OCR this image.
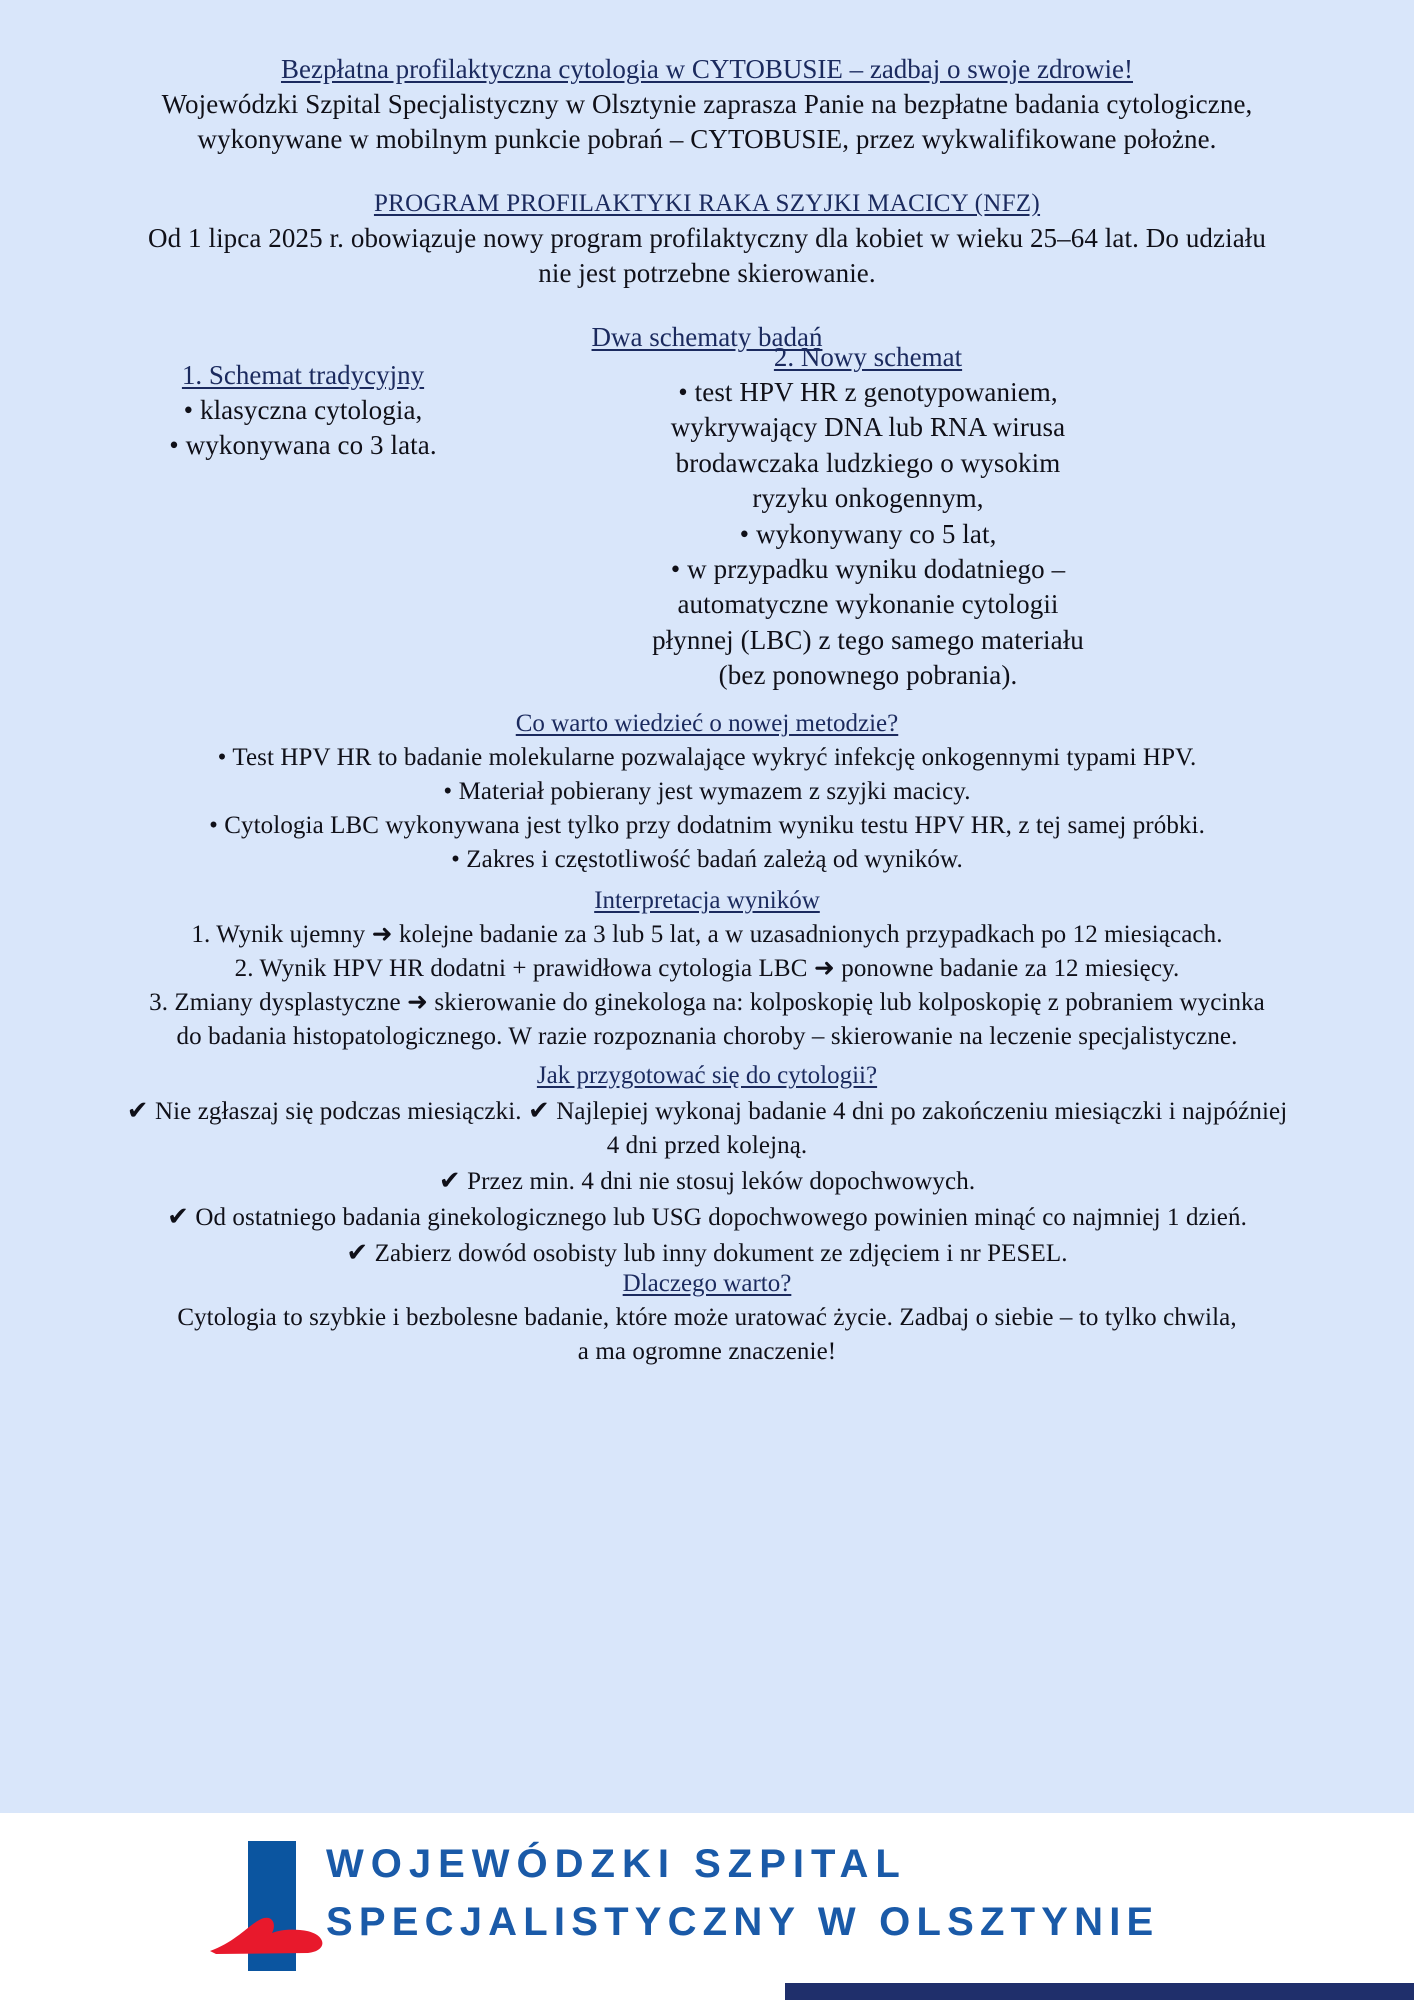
Bezpłatna profilaktyczna cytologia w CYTOBUSIE – zadbaj o swoje zdrowie!
Wojewódzki Szpital Specjalistyczny w Olsztynie zaprasza Panie na bezpłatne badania cytologiczne,
wykonywane w mobilnym punkcie pobrań – CYTOBUSIE, przez wykwalifikowane położne.
PROGRAM PROFILAKTYKI RAKA SZYJKI MACICY (NFZ)
Od 1 lipca 2025 r. obowiązuje nowy program profilaktyczny dla kobiet w wieku 25–64 lat. Do udziału
nie jest potrzebne skierowanie.
Dwa schematy badań
1. Schemat tradycyjny
• klasyczna cytologia,
• wykonywana co 3 lata.
2. Nowy schemat
• test HPV HR z genotypowaniem,
wykrywający DNA lub RNA wirusa
brodawczaka ludzkiego o wysokim
ryzyku onkogennym,
• wykonywany co 5 lat,
• w przypadku wyniku dodatniego –
automatyczne wykonanie cytologii
płynnej (LBC) z tego samego materiału
(bez ponownego pobrania).
Co warto wiedzieć o nowej metodzie?
• Test HPV HR to badanie molekularne pozwalające wykryć infekcję onkogennymi typami HPV.
• Materiał pobierany jest wymazem z szyjki macicy.
• Cytologia LBC wykonywana jest tylko przy dodatnim wyniku testu HPV HR, z tej samej próbki.
• Zakres i częstotliwość badań zależą od wyników.
Interpretacja wyników
1. Wynik ujemny ➜ kolejne badanie za 3 lub 5 lat, a w uzasadnionych przypadkach po 12 miesiącach.
2. Wynik HPV HR dodatni + prawidłowa cytologia LBC ➜ ponowne badanie za 12 miesięcy.
3. Zmiany dysplastyczne ➜ skierowanie do ginekologa na: kolposkopię lub kolposkopię z pobraniem wycinka
do badania histopatologicznego. W razie rozpoznania choroby – skierowanie na leczenie specjalistyczne.
Jak przygotować się do cytologii?
✔ Nie zgłaszaj się podczas miesiączki. ✔ Najlepiej wykonaj badanie 4 dni po zakończeniu miesiączki i najpóźniej
4 dni przed kolejną.
✔ Przez min. 4 dni nie stosuj leków dopochwowych.
✔ Od ostatniego badania ginekologicznego lub USG dopochwowego powinien minąć co najmniej 1 dzień.
✔ Zabierz dowód osobisty lub inny dokument ze zdjęciem i nr PESEL.
Dlaczego warto?
Cytologia to szybkie i bezbolesne badanie, które może uratować życie. Zadbaj o siebie – to tylko chwila,
a ma ogromne znaczenie!
WOJEWÓDZKI SZPITAL
SPECJALISTYCZNY W OLSZTYNIE
